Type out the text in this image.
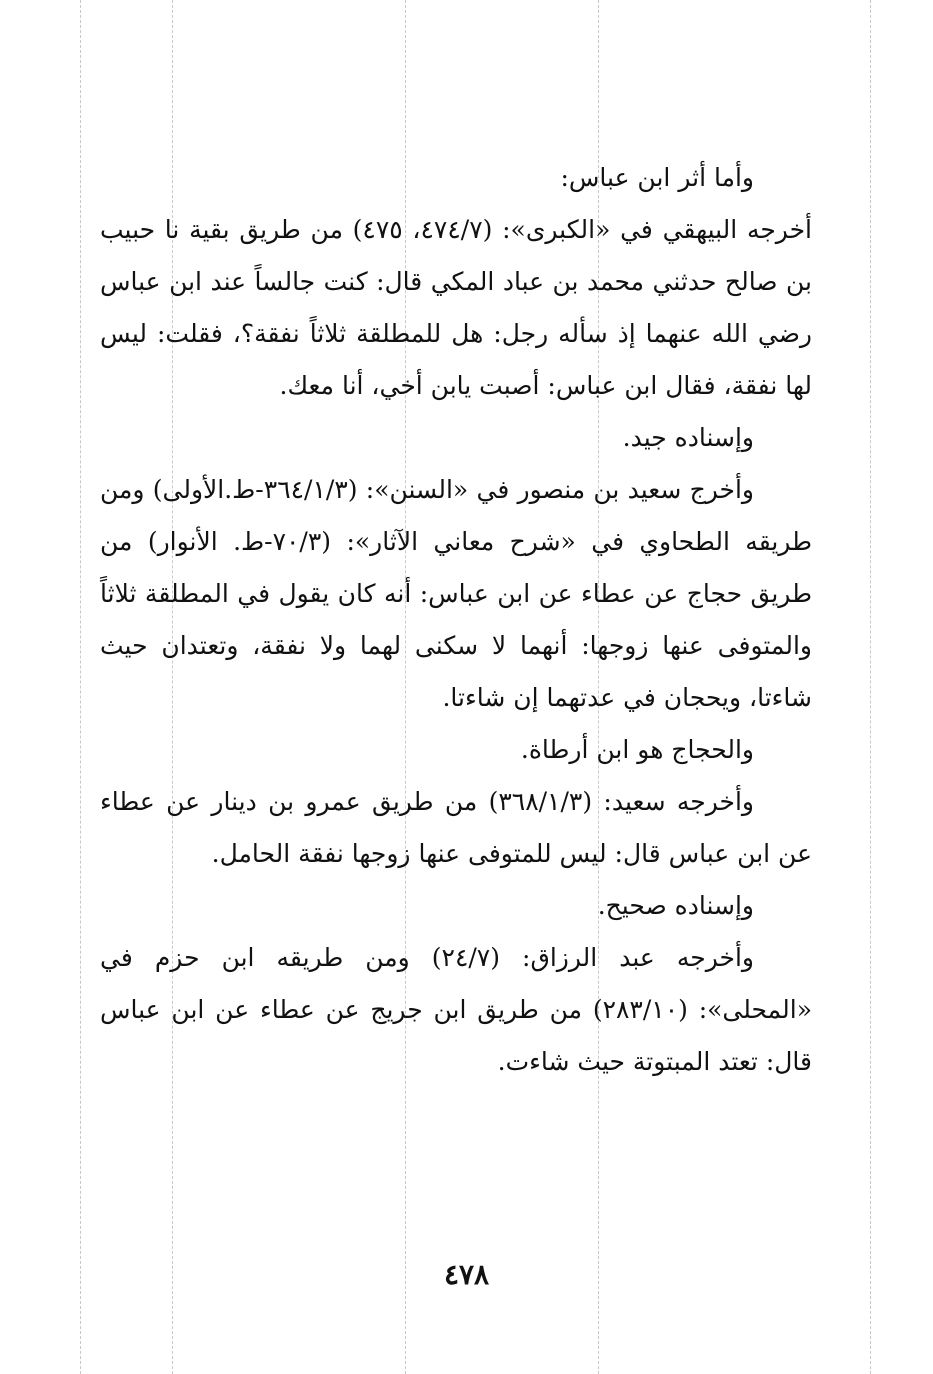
وأما أثر ابن عباس:

أخرجه البيهقي في «الكبرى»: (٤٧٤/٧، ٤٧٥) من طريق بقية نا حبيب بن صالح حدثني محمد بن عباد المكي قال: كنت جالساً عند ابن عباس رضي الله عنهما إذ سأله رجل: هل للمطلقة ثلاثاً نفقة؟، فقلت: ليس لها نفقة، فقال ابن عباس: أصبت يابن أخي، أنا معك.

وإسناده جيد.

وأخرج سعيد بن منصور في «السنن»: (٣٦٤/١/٣-ط.الأولى) ومن طريقه الطحاوي في «شرح معاني الآثار»: (٧٠/٣-ط. الأنوار) من طريق حجاج عن عطاء عن ابن عباس: أنه كان يقول في المطلقة ثلاثاً والمتوفى عنها زوجها: أنهما لا سكنى لهما ولا نفقة، وتعتدان حيث شاءتا، ويحجان في عدتهما إن شاءتا.

والحجاج هو ابن أرطاة.

وأخرجه سعيد: (٣٦٨/١/٣) من طريق عمرو بن دينار عن عطاء عن ابن عباس قال: ليس للمتوفى عنها زوجها نفقة الحامل.

وإسناده صحيح.

وأخرجه عبد الرزاق: (٢٤/٧) ومن طريقه ابن حزم في «المحلى»: (٢٨٣/١٠) من طريق ابن جريج عن عطاء عن ابن عباس قال: تعتد المبتوتة حيث شاءت.

٤٧٨
